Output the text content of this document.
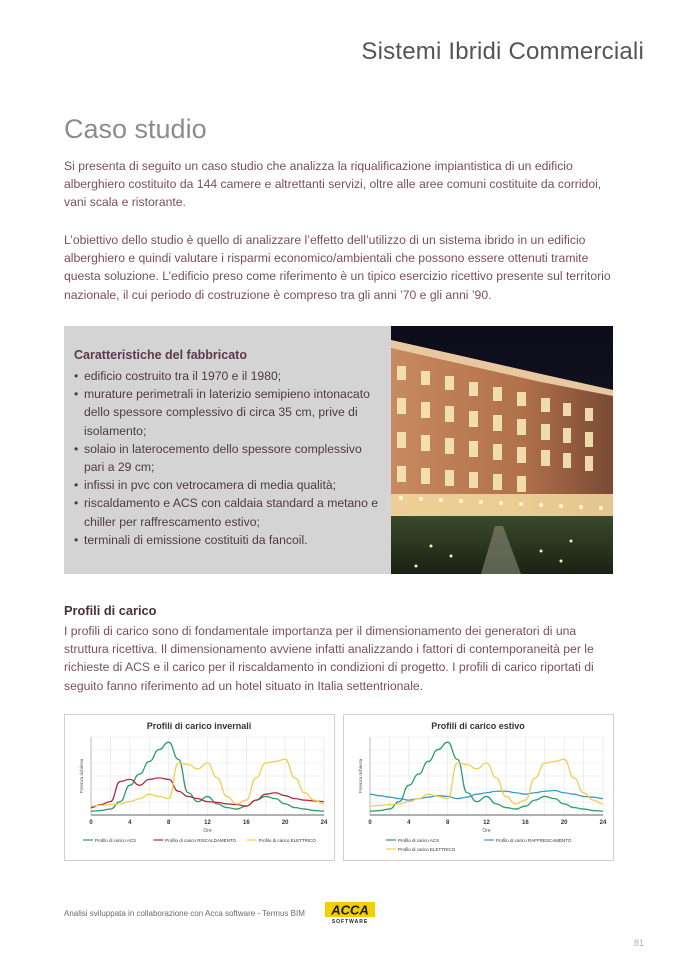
Sistemi Ibridi Commerciali
Caso studio

Si presenta di seguito un caso studio che analizza la riqualificazione impiantistica di un edificio alberghiero costituito da 144 camere e altrettanti servizi, oltre alle aree comuni costituite da corridoi, vani scala e ristorante.

L’obiettivo dello studio è quello di analizzare l’effetto dell’utilizzo di un sistema ibrido in un edificio alberghiero e quindi valutare i risparmi economico/ambientali che possono essere ottenuti tramite questa soluzione. L’edificio preso come riferimento è un tipico esercizio ricettivo presente sul territorio nazionale, il cui periodo di costruzione è compreso tra gli anni ’70 e gli anni ’90.

Caratteristiche del fabbricato
• edificio costruito tra il 1970 e il 1980;
• murature perimetrali in laterizio semipieno intonacato dello spessore complessivo di circa 35 cm, prive di isolamento;
• solaio in laterocemento dello spessore complessivo pari a 29 cm;
• infissi in pvc con vetrocamera di media qualità;
• riscaldamento e ACS con caldaia standard a metano e chiller per raffrescamento estivo;
• terminali di emissione costituiti da fancoil.
Profili di carico

I profili di carico sono di fondamentale importanza per il dimensionamento dei generatori di una struttura ricettiva. Il dimensionamento avviene infatti analizzando i fattori di contemporaneità per le richieste di ACS e il carico per il riscaldamento in condizioni di progetto. I profili di carico riportati di seguito fanno riferimento ad un hotel situato in Italia settentrionale.

Profili di carico invernali
0	4	8	12	16	20	24
Ore
Potenza richiesta
Profilo di carico ACS	Profilo di carico RISCALDAMENTO	Profilo di carico ELETTRICO
Profili di carico estivo
0	4	8	12	16	20	24
Ore
Potenza richiesta
Profilo di carico ACS	Profilo di carico RAFFRESCAMENTO
Profilo di carico ELETTRICO
Analisi sviluppata in collaborazione con Acca software - Termus BIM ACCA
SOFTWARE
81
